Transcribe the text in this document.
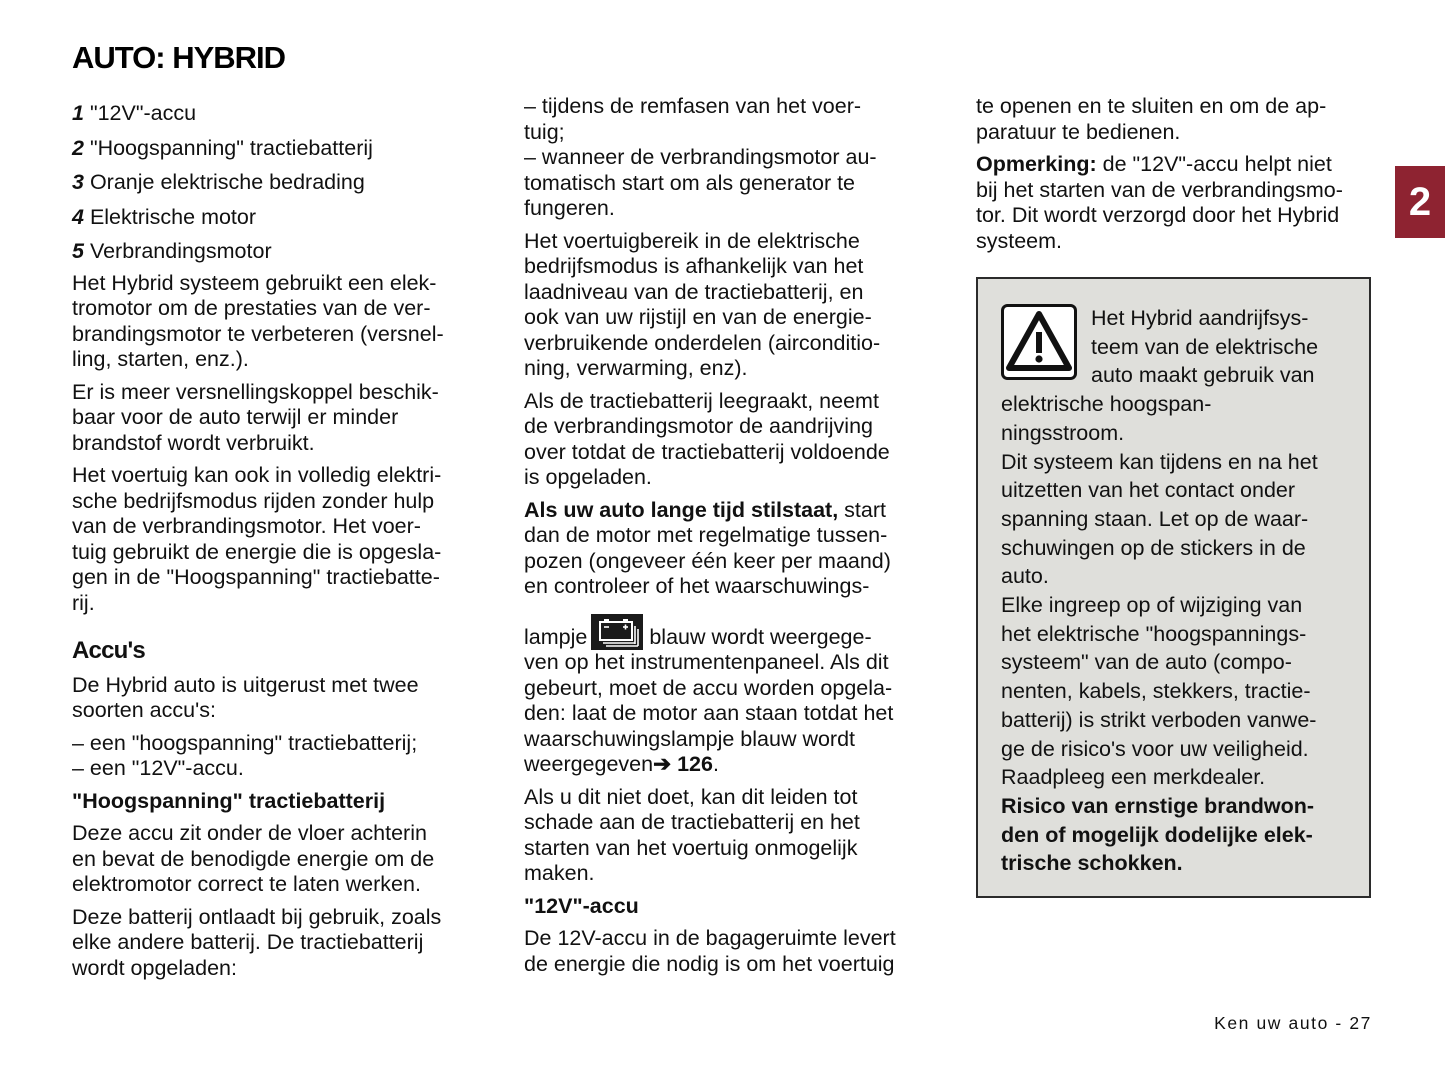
AUTO: HYBRID
1 "12V"-accu
2 "Hoogspanning" tractiebatterij
3 Oranje elektrische bedrading
4 Elektrische motor
5 Verbrandingsmotor

Het Hybrid systeem gebruikt een elek-
tromotor om de prestaties van de ver-
brandingsmotor te verbeteren (versnel-
ling, starten, enz.).

Er is meer versnellingskoppel beschik-
baar voor de auto terwijl er minder
brandstof wordt verbruikt.

Het voertuig kan ook in volledig elektri-
sche bedrijfsmodus rijden zonder hulp
van de verbrandingsmotor. Het voer-
tuig gebruikt de energie die is opgesla-
gen in de "Hoogspanning" tractiebatte-
rij.

Accu's

De Hybrid auto is uitgerust met twee
soorten accu's:

– een "hoogspanning" tractiebatterij;
– een "12V"-accu.

"Hoogspanning" tractiebatterij

Deze accu zit onder de vloer achterin
en bevat de benodigde energie om de
elektromotor correct te laten werken.

Deze batterij ontlaadt bij gebruik, zoals
elke andere batterij. De tractiebatterij
wordt opgeladen:

– tijdens de remfasen van het voer-
tuig;
– wanneer de verbrandingsmotor au-
tomatisch start om als generator te
fungeren.

Het voertuigbereik in de elektrische
bedrijfsmodus is afhankelijk van het
laadniveau van de tractiebatterij, en
ook van uw rijstijl en van de energie-
verbruikende onderdelen (airconditio-
ning, verwarming, enz).

Als de tractiebatterij leegraakt, neemt
de verbrandingsmotor de aandrijving
over totdat de tractiebatterij voldoende
is opgeladen.

Als uw auto lange tijd stilstaat, start
dan de motor met regelmatige tussen-
pozen (ongeveer één keer per maand)
en controleer of het waarschuwings-

lampje	blauw wordt weergege-
ven op het instrumentenpaneel. Als dit
gebeurt, moet de accu worden opgela-
den: laat de motor aan staan totdat het
waarschuwingslampje blauw wordt
weergegeven➔ 126.

Als u dit niet doet, kan dit leiden tot
schade aan de tractiebatterij en het
starten van het voertuig onmogelijk
maken.

"12V"-accu

De 12V-accu in de bagageruimte levert
de energie die nodig is om het voertuig

te openen en te sluiten en om de ap-
paratuur te bedienen.

Opmerking: de "12V"-accu helpt niet
bij het starten van de verbrandingsmo-
tor. Dit wordt verzorgd door het Hybrid
systeem.

Het Hybrid aandrijfsys-
teem van de elektrische
auto maakt gebruik van
elektrische hoogspan-
ningsstroom.

Dit systeem kan tijdens en na het
uitzetten van het contact onder
spanning staan. Let op de waar-
schuwingen op de stickers in de
auto.

Elke ingreep op of wijziging van
het elektrische "hoogspannings-
systeem" van de auto (compo-
nenten, kabels, stekkers, tractie-
batterij) is strikt verboden vanwe-
ge de risico's voor uw veiligheid.
Raadpleeg een merkdealer.

Risico van ernstige brandwon-
den of mogelijk dodelijke elek-
trische schokken.

2
Ken uw auto - 27
